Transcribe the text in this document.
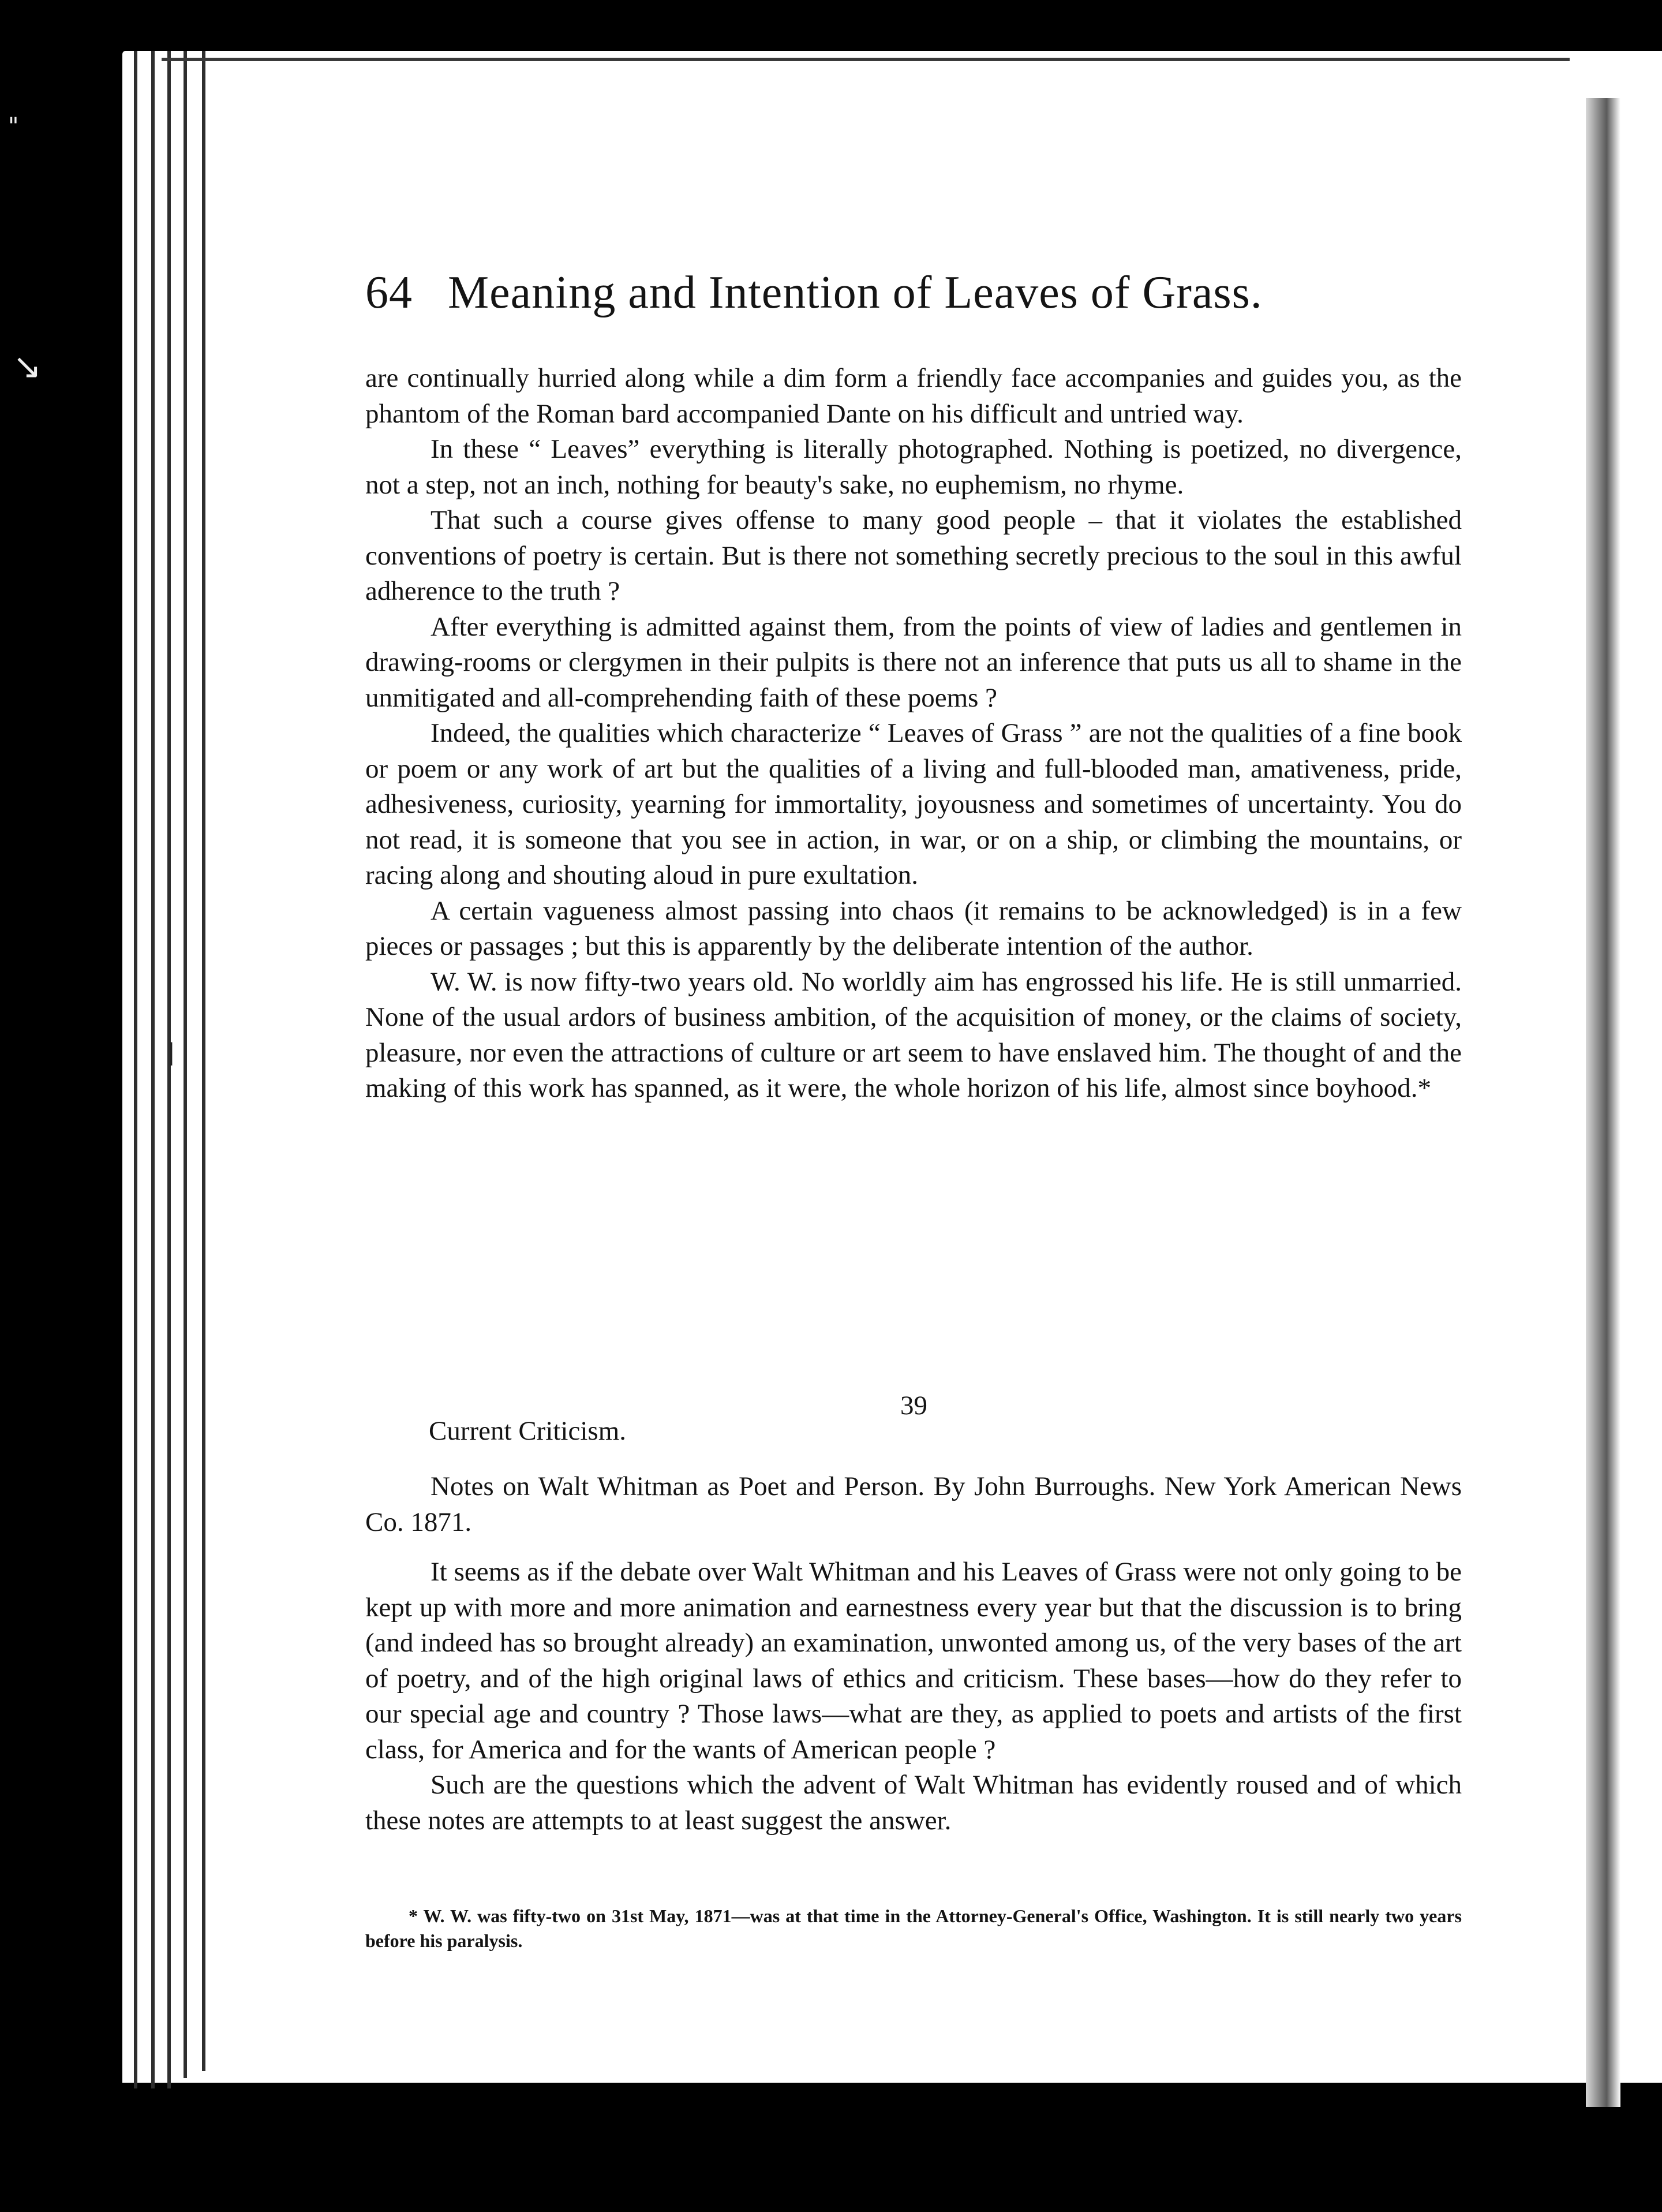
"
↘
|
64 Meaning and Intention of Leaves of Grass.

are continually hurried along while a dim form a friendly face accompanies and guides you, as the phantom of the Roman bard accompanied Dante on his difficult and untried way.

In these “ Leaves” everything is literally photographed. Nothing is poetized, no divergence, not a step, not an inch, nothing for beauty's sake, no euphemism, no rhyme.

That such a course gives offense to many good people – that it violates the established conventions of poetry is certain. But is there not something secretly precious to the soul in this awful adherence to the truth ?

After everything is admitted against them, from the points of view of ladies and gentlemen in drawing-rooms or clergymen in their pulpits is there not an inference that puts us all to shame in the unmitigated and all-comprehending faith of these poems ?

Indeed, the qualities which characterize “ Leaves of Grass ” are not the qualities of a fine book or poem or any work of art but the qualities of a living and full-blooded man, amativeness, pride, adhesiveness, curiosity, yearning for immortality, joyousness and sometimes of uncertainty. You do not read, it is someone that you see in action, in war, or on a ship, or climbing the mountains, or racing along and shouting aloud in pure exultation.

A certain vagueness almost passing into chaos (it remains to be acknowledged) is in a few pieces or passages ; but this is apparently by the deliberate intention of the author.

W. W. is now fifty-two years old. No worldly aim has engrossed his life. He is still unmarried. None of the usual ardors of business ambition, of the acquisition of money, or the claims of society, pleasure, nor even the attractions of culture or art seem to have enslaved him. The thought of and the making of this work has spanned, as it were, the whole horizon of his life, almost since boyhood.*

39
Current Criticism.
Notes on Walt Whitman as Poet and Person. By John Burroughs. New York American News Co. 1871.

It seems as if the debate over Walt Whitman and his Leaves of Grass were not only going to be kept up with more and more animation and earnestness every year but that the discussion is to bring (and indeed has so brought already) an examination, unwonted among us, of the very bases of the art of poetry, and of the high original laws of ethics and criticism. These bases—how do they refer to our special age and country ? Those laws—what are they, as applied to poets and artists of the first class, for America and for the wants of American people ?

Such are the questions which the advent of Walt Whitman has evidently roused and of which these notes are attempts to at least suggest the answer.

* W. W. was fifty-two on 31st May, 1871—was at that time in the Attorney-General's Office, Washington. It is still nearly two years before his paralysis.
